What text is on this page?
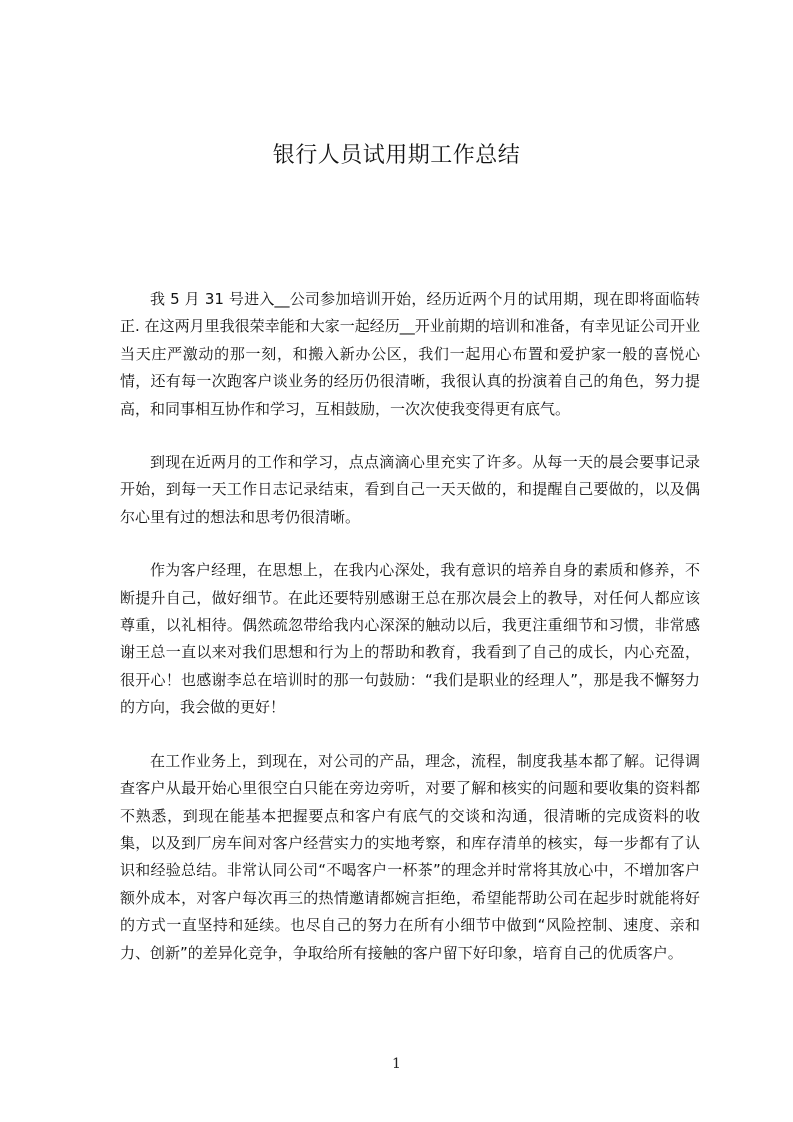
银行人员试用期工作总结

我 5 月 31 号进入__公司参加培训开始，经历近两个月的试用期，现在即将面临转正. 在这两月里我很荣幸能和大家一起经历__开业前期的培训和准备，有幸见证公司开业当天庄严激动的那一刻，和搬入新办公区，我们一起用心布置和爱护家一般的喜悦心情，还有每一次跑客户谈业务的经历仍很清晰，我很认真的扮演着自己的角色，努力提高，和同事相互协作和学习，互相鼓励，一次次使我变得更有底气。

到现在近两月的工作和学习，点点滴滴心里充实了许多。从每一天的晨会要事记录开始，到每一天工作日志记录结束，看到自己一天天做的，和提醒自己要做的，以及偶尔心里有过的想法和思考仍很清晰。

作为客户经理，在思想上，在我内心深处，我有意识的培养自身的素质和修养，不断提升自己，做好细节。在此还要特别感谢王总在那次晨会上的教导，对任何人都应该尊重，以礼相待。偶然疏忽带给我内心深深的触动以后，我更注重细节和习惯，非常感谢王总一直以来对我们思想和行为上的帮助和教育，我看到了自己的成长，内心充盈，很开心！也感谢李总在培训时的那一句鼓励：“我们是职业的经理人”，那是我不懈努力的方向，我会做的更好！

在工作业务上，到现在，对公司的产品，理念，流程，制度我基本都了解。记得调查客户从最开始心里很空白只能在旁边旁听，对要了解和核实的问题和要收集的资料都不熟悉，到现在能基本把握要点和客户有底气的交谈和沟通，很清晰的完成资料的收集，以及到厂房车间对客户经营实力的实地考察，和库存清单的核实，每一步都有了认识和经验总结。非常认同公司“不喝客户一杯茶”的理念并时常将其放心中，不增加客户额外成本，对客户每次再三的热情邀请都婉言拒绝，希望能帮助公司在起步时就能将好的方式一直坚持和延续。也尽自己的努力在所有小细节中做到“风险控制、速度、亲和力、创新”的差异化竞争，争取给所有接触的客户留下好印象，培育自己的优质客户。

1
